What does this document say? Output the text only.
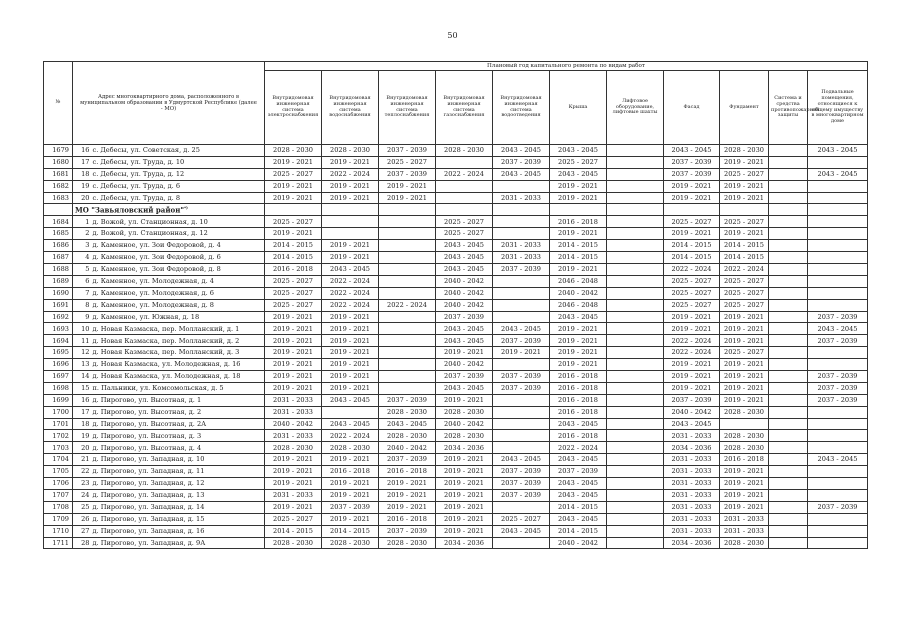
50
№	Адрес многоквартирного дома, расположенного в муниципальном образовании в Удмуртской Республике (далее - МО)		Плановый год капитального ремонта по видам работ										
			Внутридомовая инженерная система электроснабжения	Внутридомовая инженерная система водоснабжения	Внутридомовая инженерная система теплоснабжения	Внутридомовая инженерная система газоснабжения	Внутридомовая инженерная система водоотведения	Крыша	Лифтовое оборудование, лифтовые шахты	Фасад	Фундамент	Система и средства противопожарной защиты	Подвальные помещения, относящиеся к общему имуществу в многоквартирном доме
1679	16	с. Дебесы, ул. Советская, д. 25	2028 - 2030	2028 - 2030	2037 - 2039	2028 - 2030	2043 - 2045	2043 - 2045		2043 - 2045	2028 - 2030		2043 - 2045
1680	17	с. Дебесы, ул. Труда, д. 10	2019 - 2021	2019 - 2021	2025 - 2027		2037 - 2039	2025 - 2027		2037 - 2039	2019 - 2021		
1681	18	с. Дебесы, ул. Труда, д. 12	2025 - 2027	2022 - 2024	2037 - 2039	2022 - 2024	2043 - 2045	2043 - 2045		2037 - 2039	2025 - 2027		2043 - 2045
1682	19	с. Дебесы, ул. Труда, д. 6	2019 - 2021	2019 - 2021	2019 - 2021			2019 - 2021		2019 - 2021	2019 - 2021		
1683	20	с. Дебесы, ул. Труда, д. 8	2019 - 2021	2019 - 2021	2019 - 2021		2031 - 2033	2019 - 2021		2019 - 2021	2019 - 2021		
	МО "Завьяловский район"*)											
1684	1	д. Вожой, ул. Станционная, д. 10	2025 - 2027			2025 - 2027		2016 - 2018		2025 - 2027	2025 - 2027		
1685	2	д. Вожой, ул. Станционная, д. 12	2019 - 2021			2025 - 2027		2019 - 2021		2019 - 2021	2019 - 2021		
1686	3	д. Каменное, ул. Зои Федоровой, д. 4	2014 - 2015	2019 - 2021		2043 - 2045	2031 - 2033	2014 - 2015		2014 - 2015	2014 - 2015		
1687	4	д. Каменное, ул. Зои Федоровой, д. 6	2014 - 2015	2019 - 2021		2043 - 2045	2031 - 2033	2014 - 2015		2014 - 2015	2014 - 2015		
1688	5	д. Каменное, ул. Зои Федоровой, д. 8	2016 - 2018	2043 - 2045		2043 - 2045	2037 - 2039	2019 - 2021		2022 - 2024	2022 - 2024		
1689	6	д. Каменное, ул. Молодежная, д. 4	2025 - 2027	2022 - 2024		2040 - 2042		2046 - 2048		2025 - 2027	2025 - 2027		
1690	7	д. Каменное, ул. Молодежная, д. 6	2025 - 2027	2022 - 2024		2040 - 2042		2040 - 2042		2025 - 2027	2025 - 2027		
1691	8	д. Каменное, ул. Молодежная, д. 8	2025 - 2027	2022 - 2024	2022 - 2024	2040 - 2042		2046 - 2048		2025 - 2027	2025 - 2027		
1692	9	д. Каменное, ул. Южная, д. 18	2019 - 2021	2019 - 2021		2037 - 2039		2043 - 2045		2019 - 2021	2019 - 2021		2037 - 2039
1693	10	д. Новая Казмаска, пер. Молланский, д. 1	2019 - 2021	2019 - 2021		2043 - 2045	2043 - 2045	2019 - 2021		2019 - 2021	2019 - 2021		2043 - 2045
1694	11	д. Новая Казмаска, пер. Молланский, д. 2	2019 - 2021	2019 - 2021		2043 - 2045	2037 - 2039	2019 - 2021		2022 - 2024	2019 - 2021		2037 - 2039
1695	12	д. Новая Казмаска, пер. Молланский, д. 3	2019 - 2021	2019 - 2021		2019 - 2021	2019 - 2021	2019 - 2021		2022 - 2024	2025 - 2027		
1696	13	д. Новая Казмаска, ул. Молодежная, д. 16	2019 - 2021	2019 - 2021		2040 - 2042		2019 - 2021		2019 - 2021	2019 - 2021		
1697	14	д. Новая Казмаска, ул. Молодежная, д. 18	2019 - 2021	2019 - 2021		2037 - 2039	2037 - 2039	2016 - 2018		2019 - 2021	2019 - 2021		2037 - 2039
1698	15	п. Пальники, ул. Комсомольская, д. 5	2019 - 2021	2019 - 2021		2043 - 2045	2037 - 2039	2016 - 2018		2019 - 2021	2019 - 2021		2037 - 2039
1699	16	д. Пирогово, ул. Высотная, д. 1	2031 - 2033	2043 - 2045	2037 - 2039	2019 - 2021		2016 - 2018		2037 - 2039	2019 - 2021		2037 - 2039
1700	17	д. Пирогово, ул. Высотная, д. 2	2031 - 2033		2028 - 2030	2028 - 2030		2016 - 2018		2040 - 2042	2028 - 2030		
1701	18	д. Пирогово, ул. Высотная, д. 2А	2040 - 2042	2043 - 2045	2043 - 2045	2040 - 2042		2043 - 2045		2043 - 2045			
1702	19	д. Пирогово, ул. Высотная, д. 3	2031 - 2033	2022 - 2024	2028 - 2030	2028 - 2030		2016 - 2018		2031 - 2033	2028 - 2030		
1703	20	д. Пирогово, ул. Высотная, д. 4	2028 - 2030	2028 - 2030	2040 - 2042	2034 - 2036		2022 - 2024		2034 - 2036	2028 - 2030		
1704	21	д. Пирогово, ул. Западная, д. 10	2019 - 2021	2019 - 2021	2037 - 2039	2019 - 2021	2043 - 2045	2043 - 2045		2031 - 2033	2016 - 2018		2043 - 2045
1705	22	д. Пирогово, ул. Западная, д. 11	2019 - 2021	2016 - 2018	2016 - 2018	2019 - 2021	2037 - 2039	2037 - 2039		2031 - 2033	2019 - 2021		
1706	23	д. Пирогово, ул. Западная, д. 12	2019 - 2021	2019 - 2021	2019 - 2021	2019 - 2021	2037 - 2039	2043 - 2045		2031 - 2033	2019 - 2021		
1707	24	д. Пирогово, ул. Западная, д. 13	2031 - 2033	2019 - 2021	2019 - 2021	2019 - 2021	2037 - 2039	2043 - 2045		2031 - 2033	2019 - 2021		
1708	25	д. Пирогово, ул. Западная, д. 14	2019 - 2021	2037 - 2039	2019 - 2021	2019 - 2021		2014 - 2015		2031 - 2033	2019 - 2021		2037 - 2039
1709	26	д. Пирогово, ул. Западная, д. 15	2025 - 2027	2019 - 2021	2016 - 2018	2019 - 2021	2025 - 2027	2043 - 2045		2031 - 2033	2031 - 2033		
1710	27	д. Пирогово, ул. Западная, д. 16	2014 - 2015	2014 - 2015	2037 - 2039	2019 - 2021	2043 - 2045	2014 - 2015		2031 - 2033	2031 - 2033		
1711	28	д. Пирогово, ул. Западная, д. 9А	2028 - 2030	2028 - 2030	2028 - 2030	2034 - 2036		2040 - 2042		2034 - 2036	2028 - 2030		
